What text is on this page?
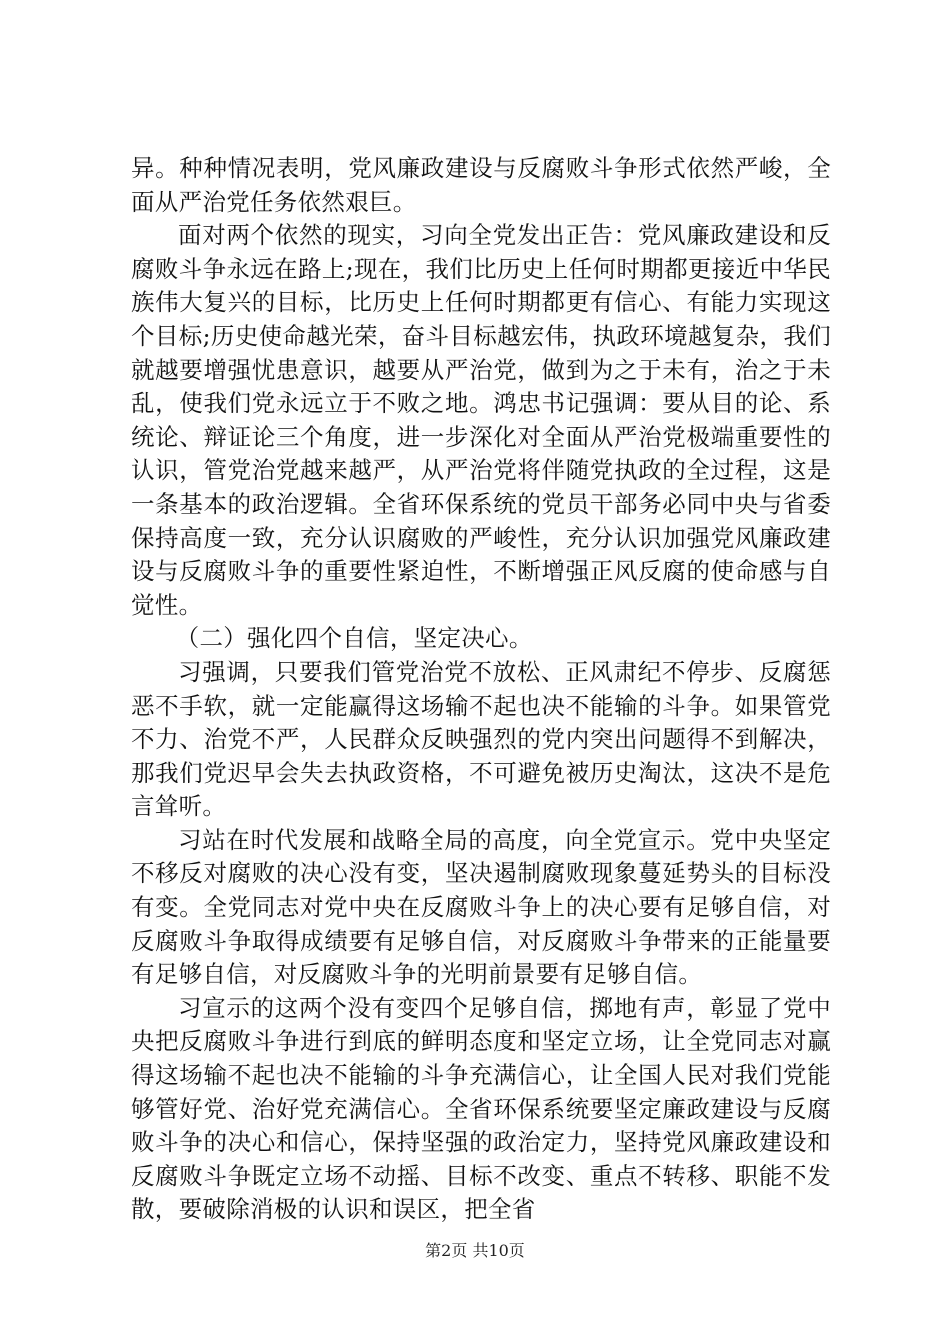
异。种种情况表明，党风廉政建设与反腐败斗争形式依然严峻，全面从严治党任务依然艰巨。

面对两个依然的现实，习向全党发出正告：党风廉政建设和反腐败斗争永远在路上;现在，我们比历史上任何时期都更接近中华民族伟大复兴的目标，比历史上任何时期都更有信心、有能力实现这个目标;历史使命越光荣，奋斗目标越宏伟，执政环境越复杂，我们就越要增强忧患意识，越要从严治党，做到为之于未有，治之于未乱，使我们党永远立于不败之地。鸿忠书记强调：要从目的论、系统论、辩证论三个角度，进一步深化对全面从严治党极端重要性的认识，管党治党越来越严，从严治党将伴随党执政的全过程，这是一条基本的政治逻辑。全省环保系统的党员干部务必同中央与省委保持高度一致，充分认识腐败的严峻性，充分认识加强党风廉政建设与反腐败斗争的重要性紧迫性，不断增强正风反腐的使命感与自觉性。

（二）强化四个自信，坚定决心。

习强调，只要我们管党治党不放松、正风肃纪不停步、反腐惩恶不手软，就一定能赢得这场输不起也决不能输的斗争。如果管党不力、治党不严，人民群众反映强烈的党内突出问题得不到解决，那我们党迟早会失去执政资格，不可避免被历史淘汰，这决不是危言耸听。

习站在时代发展和战略全局的高度，向全党宣示。党中央坚定不移反对腐败的决心没有变，坚决遏制腐败现象蔓延势头的目标没有变。全党同志对党中央在反腐败斗争上的决心要有足够自信，对反腐败斗争取得成绩要有足够自信，对反腐败斗争带来的正能量要有足够自信，对反腐败斗争的光明前景要有足够自信。

习宣示的这两个没有变四个足够自信，掷地有声，彰显了党中央把反腐败斗争进行到底的鲜明态度和坚定立场，让全党同志对赢得这场输不起也决不能输的斗争充满信心，让全国人民对我们党能够管好党、治好党充满信心。全省环保系统要坚定廉政建设与反腐败斗争的决心和信心，保持坚强的政治定力，坚持党风廉政建设和反腐败斗争既定立场不动摇、目标不改变、重点不转移、职能不发散，要破除消极的认识和误区，把全省

第2页 共10页
